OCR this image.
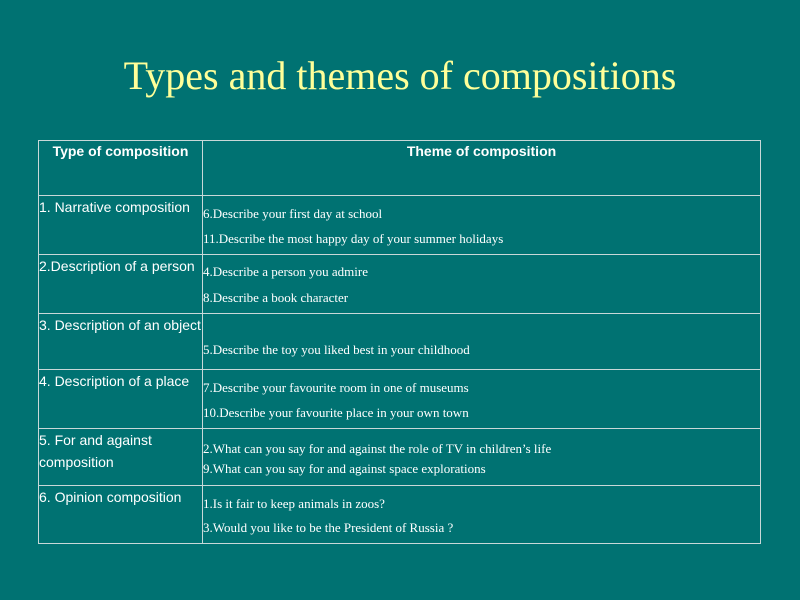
Types and themes of compositions
Type of composition	Theme of composition
1. Narrative composition	6.Describe your first day at school
11.Describe the most happy day of your summer holidays

2.Description of a person	4.Describe a person you admire
8.Describe a book character

3. Description of an object	5.Describe the toy you liked best in your childhood

4. Description of a place	7.Describe your favourite room in one of museums
10.Describe your favourite place in your own town

5. For and against composition	2.What can you say for and against the role of TV in children’s life
9.What can you say for and against space explorations

6. Opinion composition	1.Is it fair to keep animals in zoos?
3.Would you like to be the President of Russia ?
